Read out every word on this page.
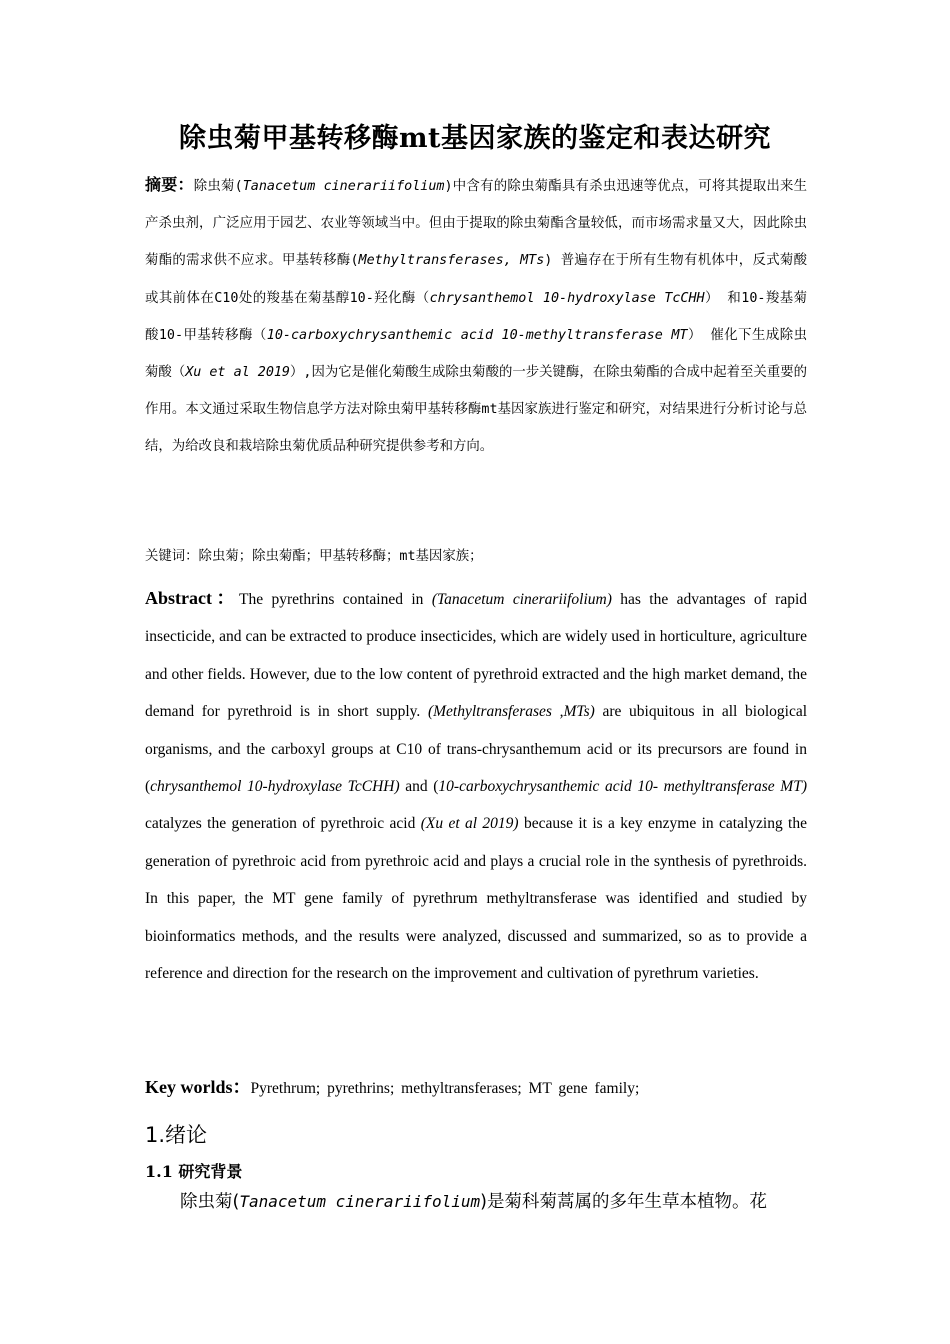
除虫菊甲基转移酶mt基因家族的鉴定和表达研究
摘要：除虫菊(Tanacetum cinerariifolium)中含有的除虫菊酯具有杀虫迅速等优点，可将其提取出来生产杀虫剂，广泛应用于园艺、农业等领域当中。但由于提取的除虫菊酯含量较低，而市场需求量又大，因此除虫菊酯的需求供不应求。甲基转移酶(Methyltransferases, MTs) 普遍存在于所有生物有机体中，反式菊酸或其前体在C10处的羧基在菊基醇10-羟化酶（chrysanthemol 10-hydroxylase TcCHH） 和10-羧基菊酸10-甲基转移酶（10-carboxychrysanthemic acid 10-methyltransferase MT） 催化下生成除虫菊酸（Xu et al 2019）,因为它是催化菊酸生成除虫菊酸的一步关键酶，在除虫菊酯的合成中起着至关重要的作用。本文通过采取生物信息学方法对除虫菊甲基转移酶mt基因家族进行鉴定和研究，对结果进行分析讨论与总结，为给改良和栽培除虫菊优质品种研究提供参考和方向。
关键词：除虫菊；除虫菊酯；甲基转移酶；mt基因家族；
Abstract：The pyrethrins contained in (Tanacetum cinerariifolium) has the advantages of rapid insecticide, and can be extracted to produce insecticides, which are widely used in horticulture, agriculture and other fields. However, due to the low content of pyrethroid extracted and the high market demand, the demand for pyrethroid is in short supply. (Methyltransferases ,MTs) are ubiquitous in all biological organisms, and the carboxyl groups at C10 of trans-chrysanthemum acid or its precursors are found in (chrysanthemol 10-hydroxylase TcCHH) and (10-carboxychrysanthemic acid 10- methyltransferase MT) catalyzes the generation of pyrethroic acid (Xu et al 2019) because it is a key enzyme in catalyzing the generation of pyrethroic acid from pyrethroic acid and plays a crucial role in the synthesis of pyrethroids. In this paper, the MT gene family of pyrethrum methyltransferase was identified and studied by bioinformatics methods, and the results were analyzed, discussed and summarized, so as to provide a reference and direction for the research on the improvement and cultivation of pyrethrum varieties.
Key worlds：Pyrethrum; pyrethrins; methyltransferases; MT gene family;
1.绪论
1.1 研究背景
除虫菊(Tanacetum cinerariifolium)是菊科菊蒿属的多年生草本植物。花
